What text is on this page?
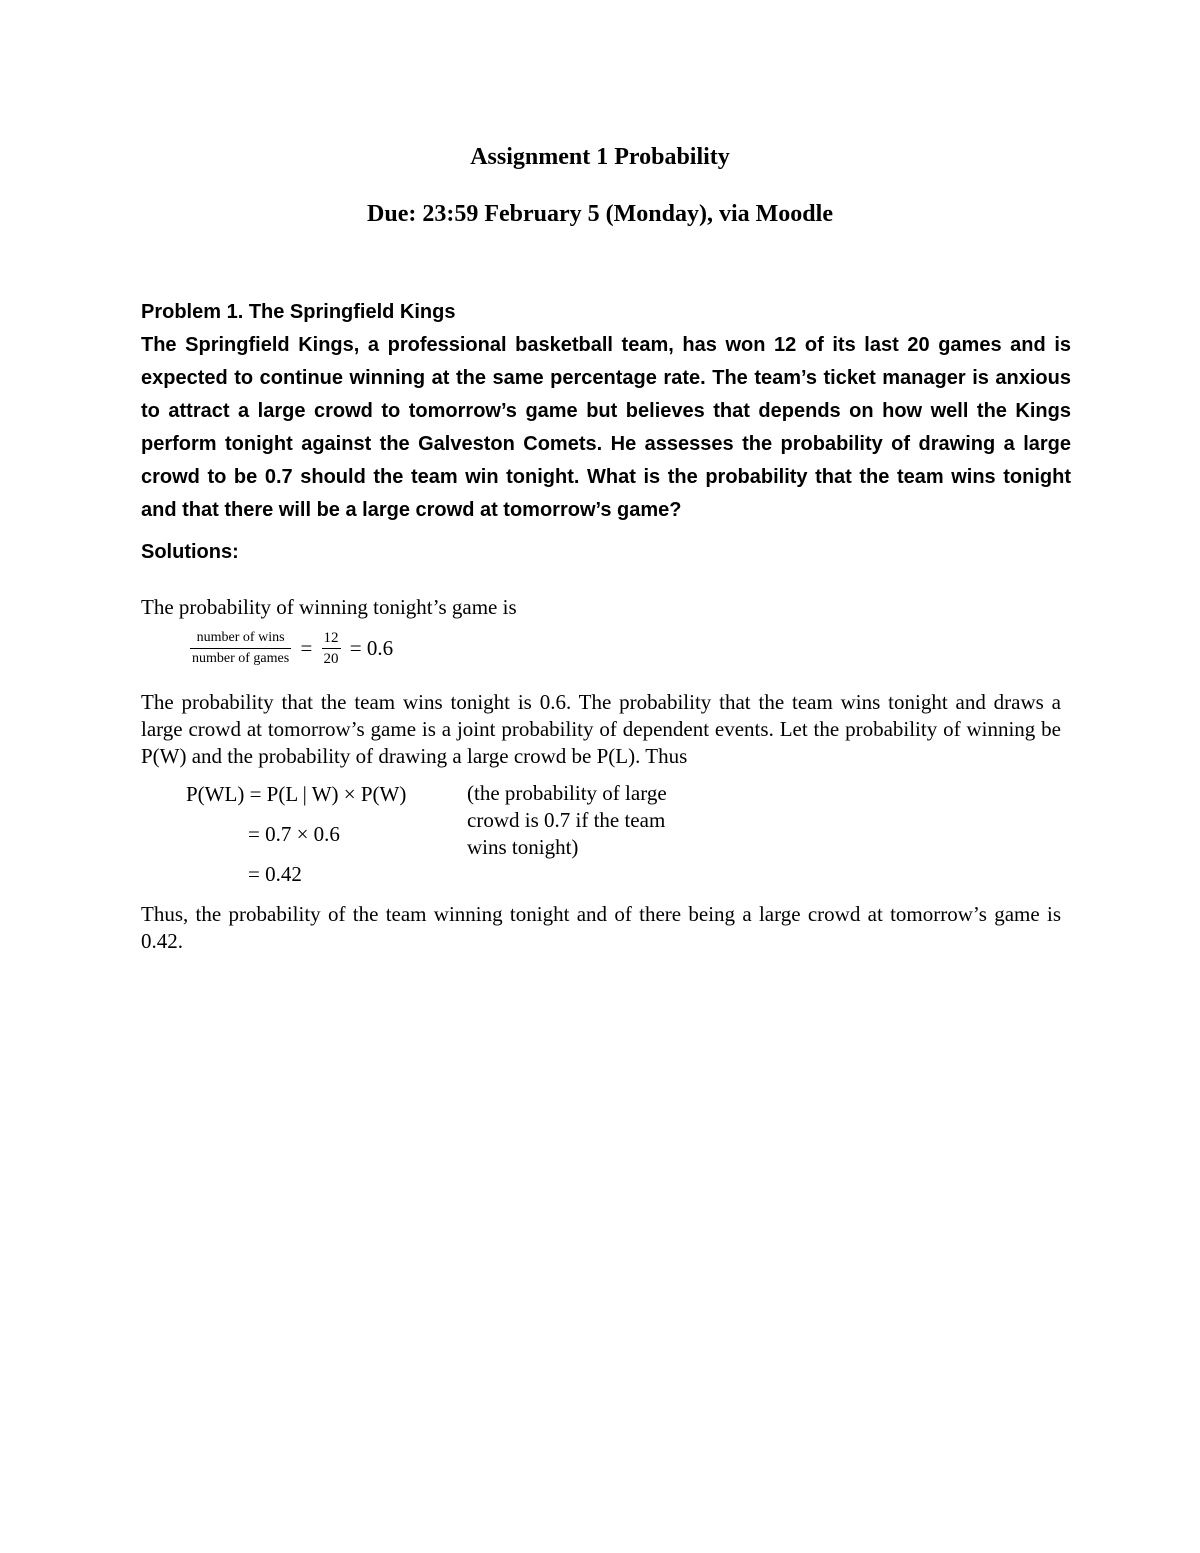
Assignment 1 Probability
Due: 23:59 February 5 (Monday), via Moodle
Problem 1. The Springfield Kings
The Springfield Kings, a professional basketball team, has won 12 of its last 20 games and is expected to continue winning at the same percentage rate. The team’s ticket manager is anxious to attract a large crowd to tomorrow’s game but believes that depends on how well the Kings perform tonight against the Galveston Comets. He assesses the probability of drawing a large crowd to be 0.7 should the team win tonight. What is the probability that the team wins tonight and that there will be a large crowd at tomorrow’s game?
Solutions:
The probability of winning tonight’s game is
$\frac{\text{number of wins}}{\text{number of games}} = \frac{12}{20} = 0.6$
The probability that the team wins tonight is 0.6. The probability that the team wins tonight and draws a large crowd at tomorrow’s game is a joint probability of dependent events. Let the probability of winning be P(W) and the probability of drawing a large crowd be P(L). Thus
P(WL) = P(L | W) × P(W)
= 0.7 × 0.6
= 0.42
(the probability of large crowd is 0.7 if the team wins tonight)
Thus, the probability of the team winning tonight and of there being a large crowd at tomorrow’s game is 0.42.
